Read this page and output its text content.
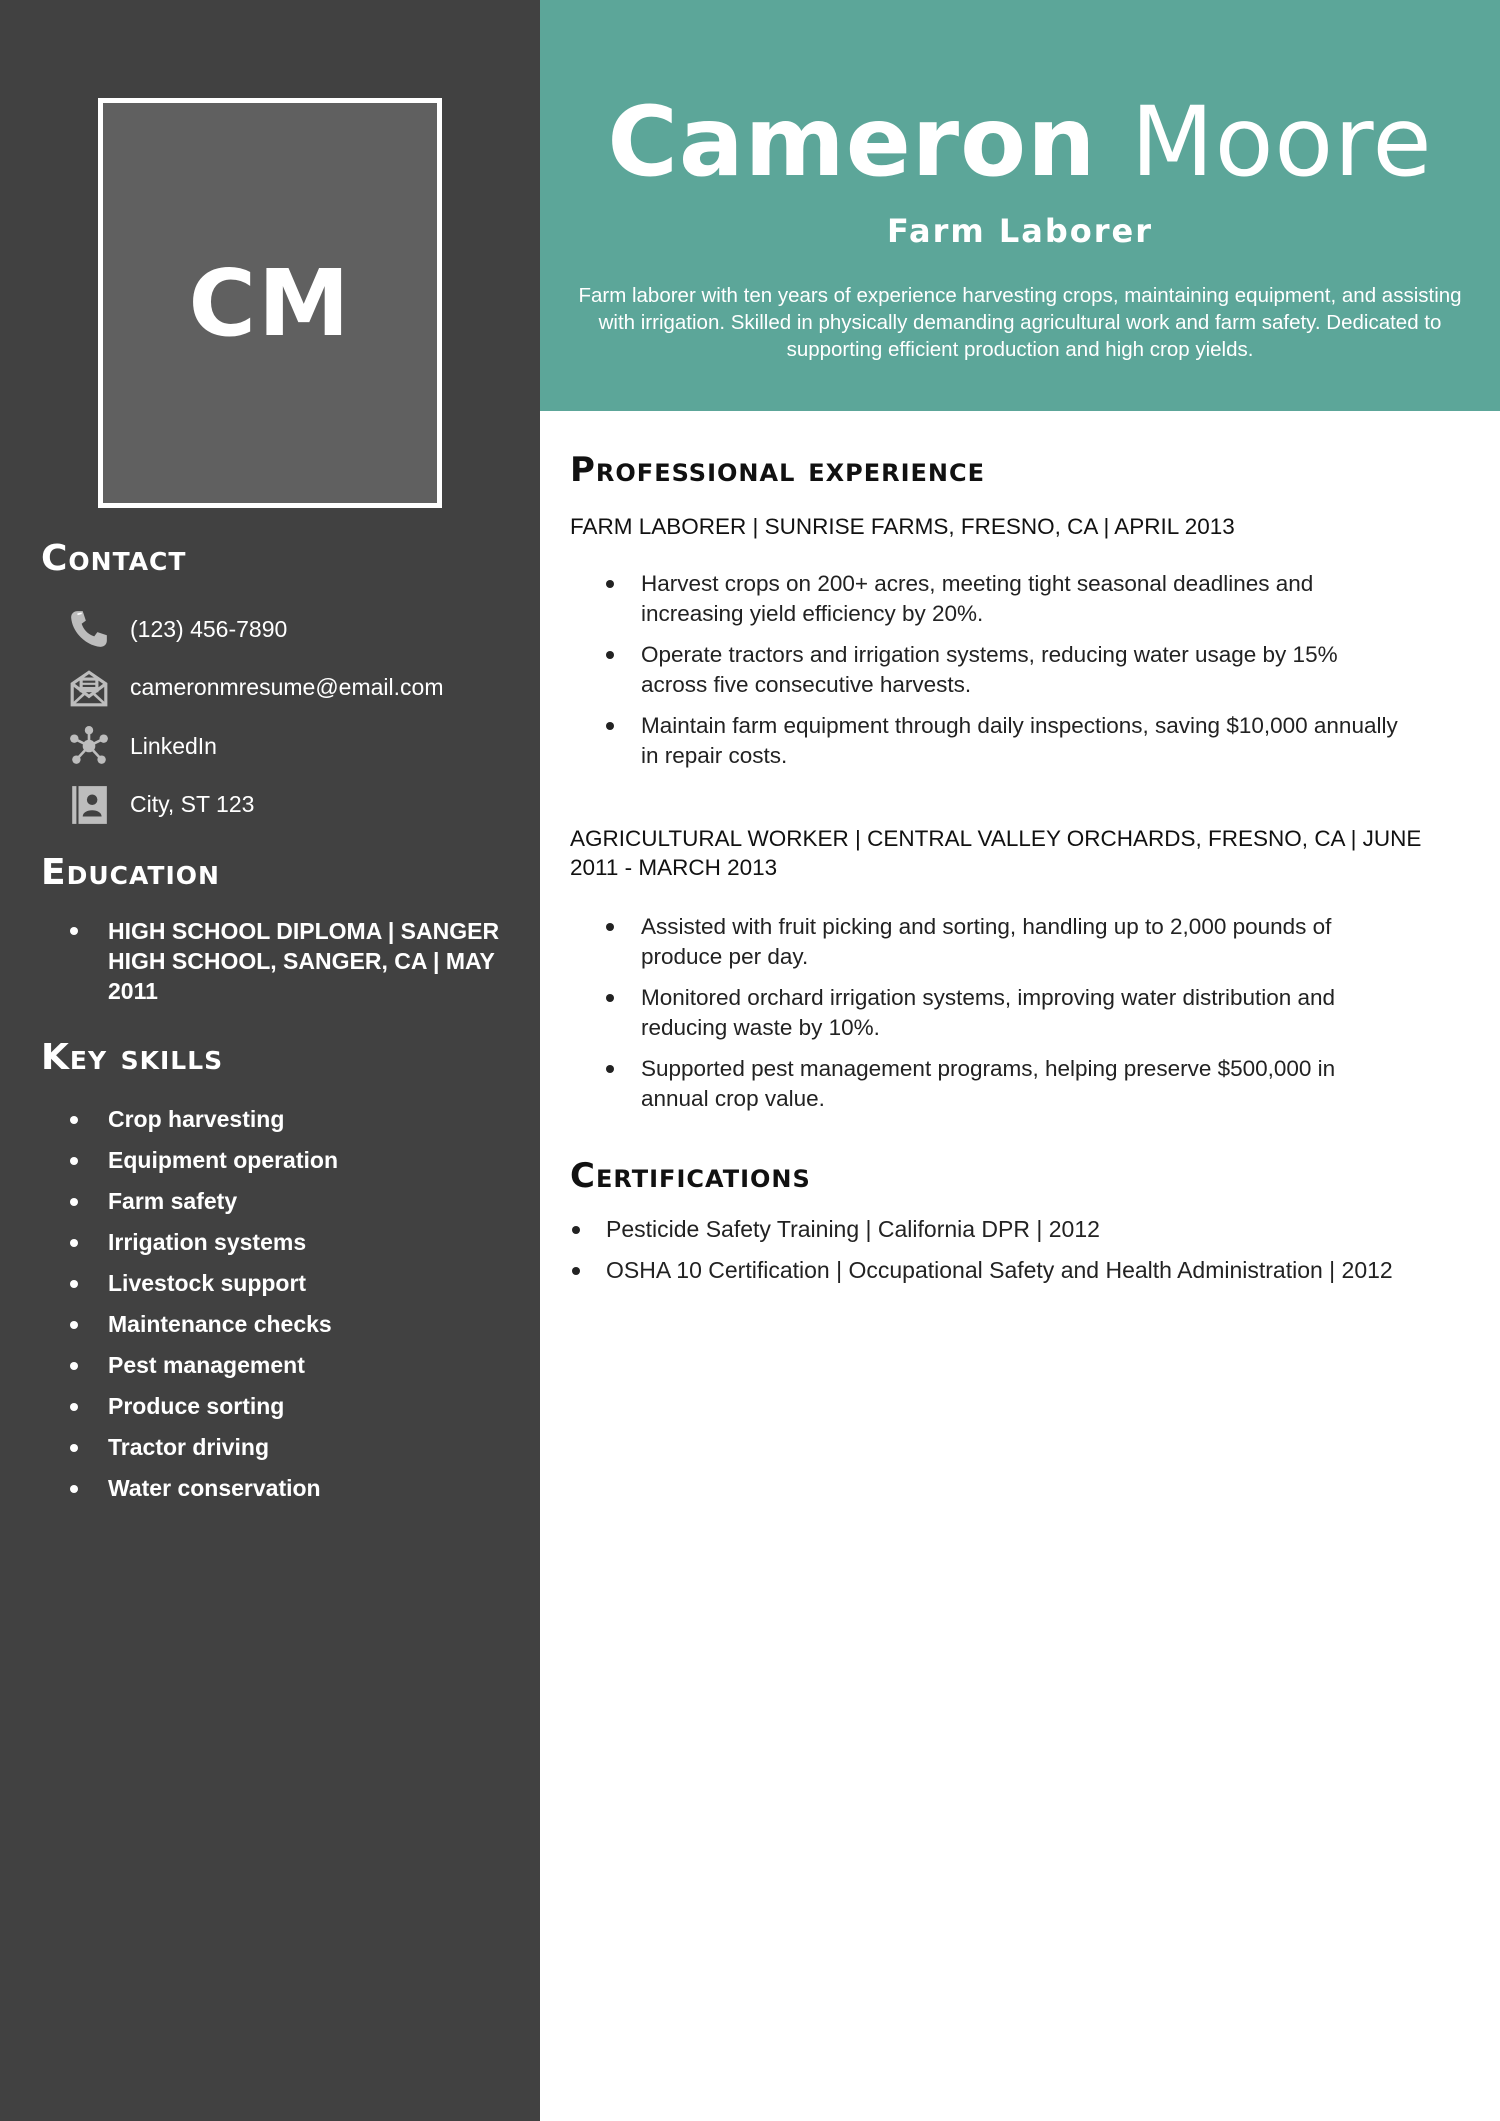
CM
Contact
(123) 456-7890
cameronmresume@email.com
LinkedIn
City, ST 123
Education
HIGH SCHOOL DIPLOMA | SANGER HIGH SCHOOL, SANGER, CA | MAY 2011
Key skills
Crop harvesting
Equipment operation
Farm safety
Irrigation systems
Livestock support
Maintenance checks
Pest management
Produce sorting
Tractor driving
Water conservation
Cameron Moore
Farm Laborer

Farm laborer with ten years of experience harvesting crops, maintaining equipment, and assisting with irrigation. Skilled in physically demanding agricultural work and farm safety. Dedicated to supporting efficient production and high crop yields.

Professional experience
FARM LABORER | SUNRISE FARMS, FRESNO, CA | APRIL 2013
Harvest crops on 200+ acres, meeting tight seasonal deadlines and increasing yield efficiency by 20%.
Operate tractors and irrigation systems, reducing water usage by 15% across five consecutive harvests.
Maintain farm equipment through daily inspections, saving $10,000 annually in repair costs.
AGRICULTURAL WORKER | CENTRAL VALLEY ORCHARDS, FRESNO, CA | JUNE 2011 - MARCH 2013
Assisted with fruit picking and sorting, handling up to 2,000 pounds of produce per day.
Monitored orchard irrigation systems, improving water distribution and reducing waste by 10%.
Supported pest management programs, helping preserve $500,000 in annual crop value.
Certifications
Pesticide Safety Training | California DPR | 2012
OSHA 10 Certification | Occupational Safety and Health Administration | 2012
